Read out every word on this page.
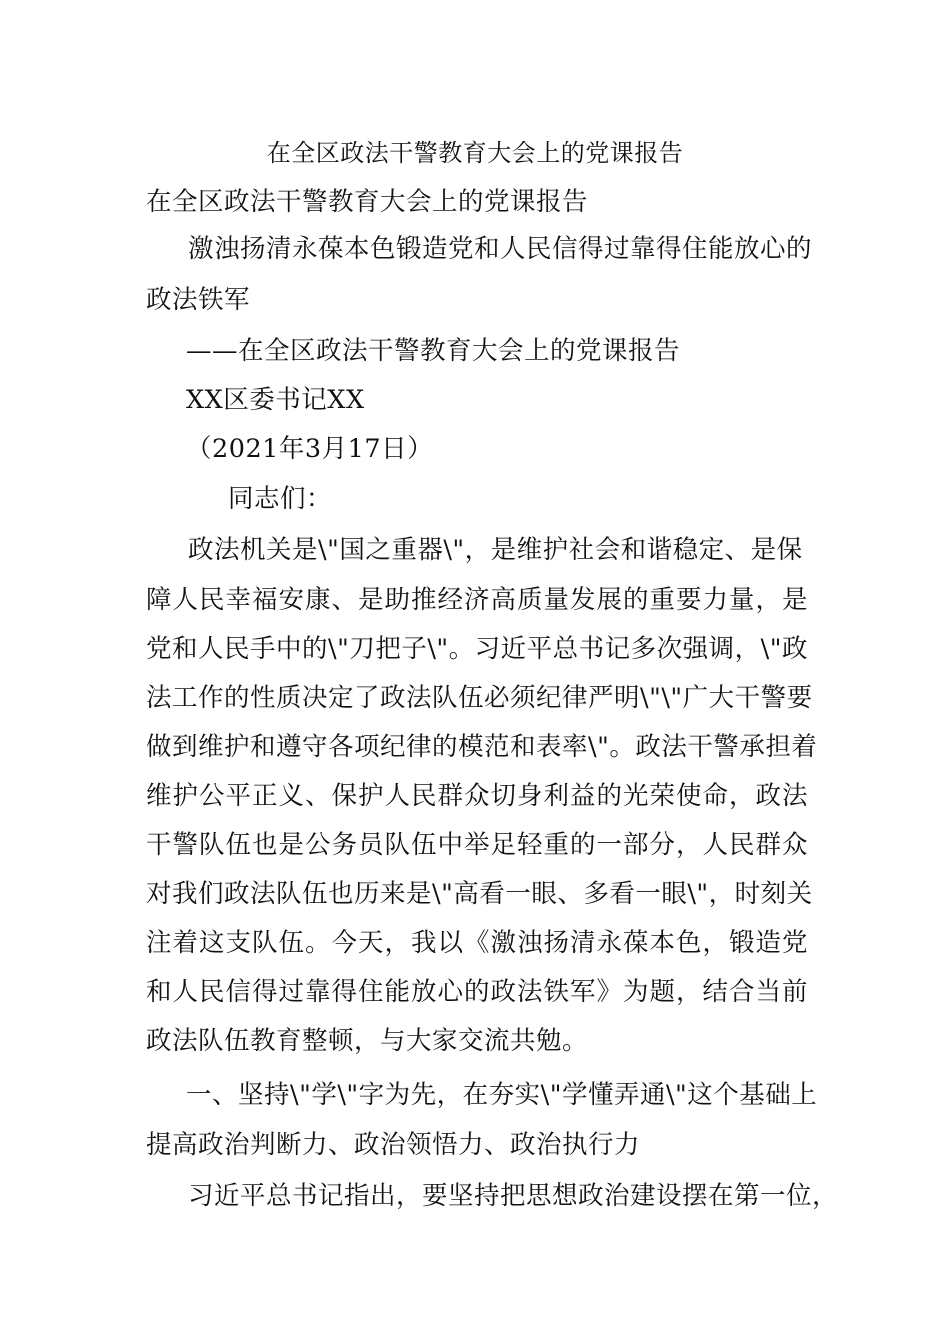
在全区政法干警教育大会上的党课报告
在全区政法干警教育大会上的党课报告
激浊扬清永葆本色锻造党和人民信得过靠得住能放心的
政法铁军
——在全区政法干警教育大会上的党课报告
XX区委书记XX
（2021年3月17日）
同志们：
政法机关是\"国之重器\"，是维护社会和谐稳定、是保
障人民幸福安康、是助推经济高质量发展的重要力量，是
党和人民手中的\"刀把子\"。习近平总书记多次强调，\"政
法工作的性质决定了政法队伍必须纪律严明\"\"广大干警要
做到维护和遵守各项纪律的模范和表率\"。政法干警承担着
维护公平正义、保护人民群众切身利益的光荣使命，政法
干警队伍也是公务员队伍中举足轻重的一部分，人民群众
对我们政法队伍也历来是\"高看一眼、多看一眼\"，时刻关
注着这支队伍。今天，我以《激浊扬清永葆本色，锻造党
和人民信得过靠得住能放心的政法铁军》为题，结合当前
政法队伍教育整顿，与大家交流共勉。
一、坚持\"学\"字为先，在夯实\"学懂弄通\"这个基础上
提高政治判断力、政治领悟力、政治执行力
习近平总书记指出，要坚持把思想政治建设摆在第一位，
